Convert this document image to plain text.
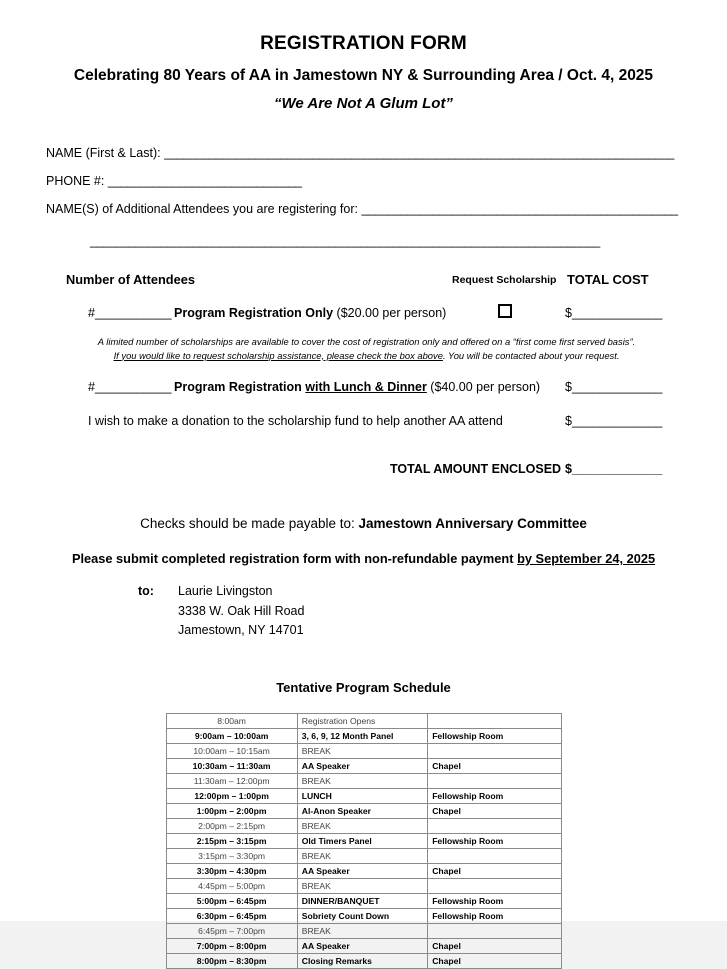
REGISTRATION FORM
Celebrating 80 Years of AA in Jamestown NY & Surrounding Area / Oct. 4, 2025
“We Are Not A Glum Lot”
NAME (First & Last): _______________________________________________________________________________
PHONE #: ______________________________
NAME(S) of Additional Attendees you are registering for: _________________________________________________
_______________________________________________________________________________
Number of Attendees	Request Scholarship TOTAL COST
#___________ Program Registration Only ($20.00 per person)	$_____________
A limited number of scholarships are available to cover the cost of registration only and offered on a “first come first served basis”.
If you would like to request scholarship assistance, please check the box above. You will be contacted about your request.
#___________ Program Registration with Lunch & Dinner ($40.00 per person) $_____________
I wish to make a donation to the scholarship fund to help another AA attend	$_____________
TOTAL AMOUNT ENCLOSED $_____________
Checks should be made payable to: Jamestown Anniversary Committee
Please submit completed registration form with non-refundable payment by September 24, 2025
to: Laurie Livingston
3338 W. Oak Hill Road
Jamestown, NY 14701
Tentative Program Schedule
8:00am	Registration Opens	
9:00am – 10:00am	3, 6, 9, 12 Month Panel	Fellowship Room
10:00am – 10:15am	BREAK	
10:30am – 11:30am	AA Speaker	Chapel
11:30am – 12:00pm	BREAK	
12:00pm – 1:00pm	LUNCH	Fellowship Room
1:00pm – 2:00pm	Al-Anon Speaker	Chapel
2:00pm – 2:15pm	BREAK	
2:15pm – 3:15pm	Old Timers Panel	Fellowship Room
3:15pm – 3:30pm	BREAK	
3:30pm – 4:30pm	AA Speaker	Chapel
4:45pm – 5:00pm	BREAK	
5:00pm – 6:45pm	DINNER/BANQUET	Fellowship Room
6:30pm – 6:45pm	Sobriety Count Down	Fellowship Room
6:45pm – 7:00pm	BREAK	
7:00pm – 8:00pm	AA Speaker	Chapel
8:00pm – 8:30pm	Closing Remarks	Chapel
